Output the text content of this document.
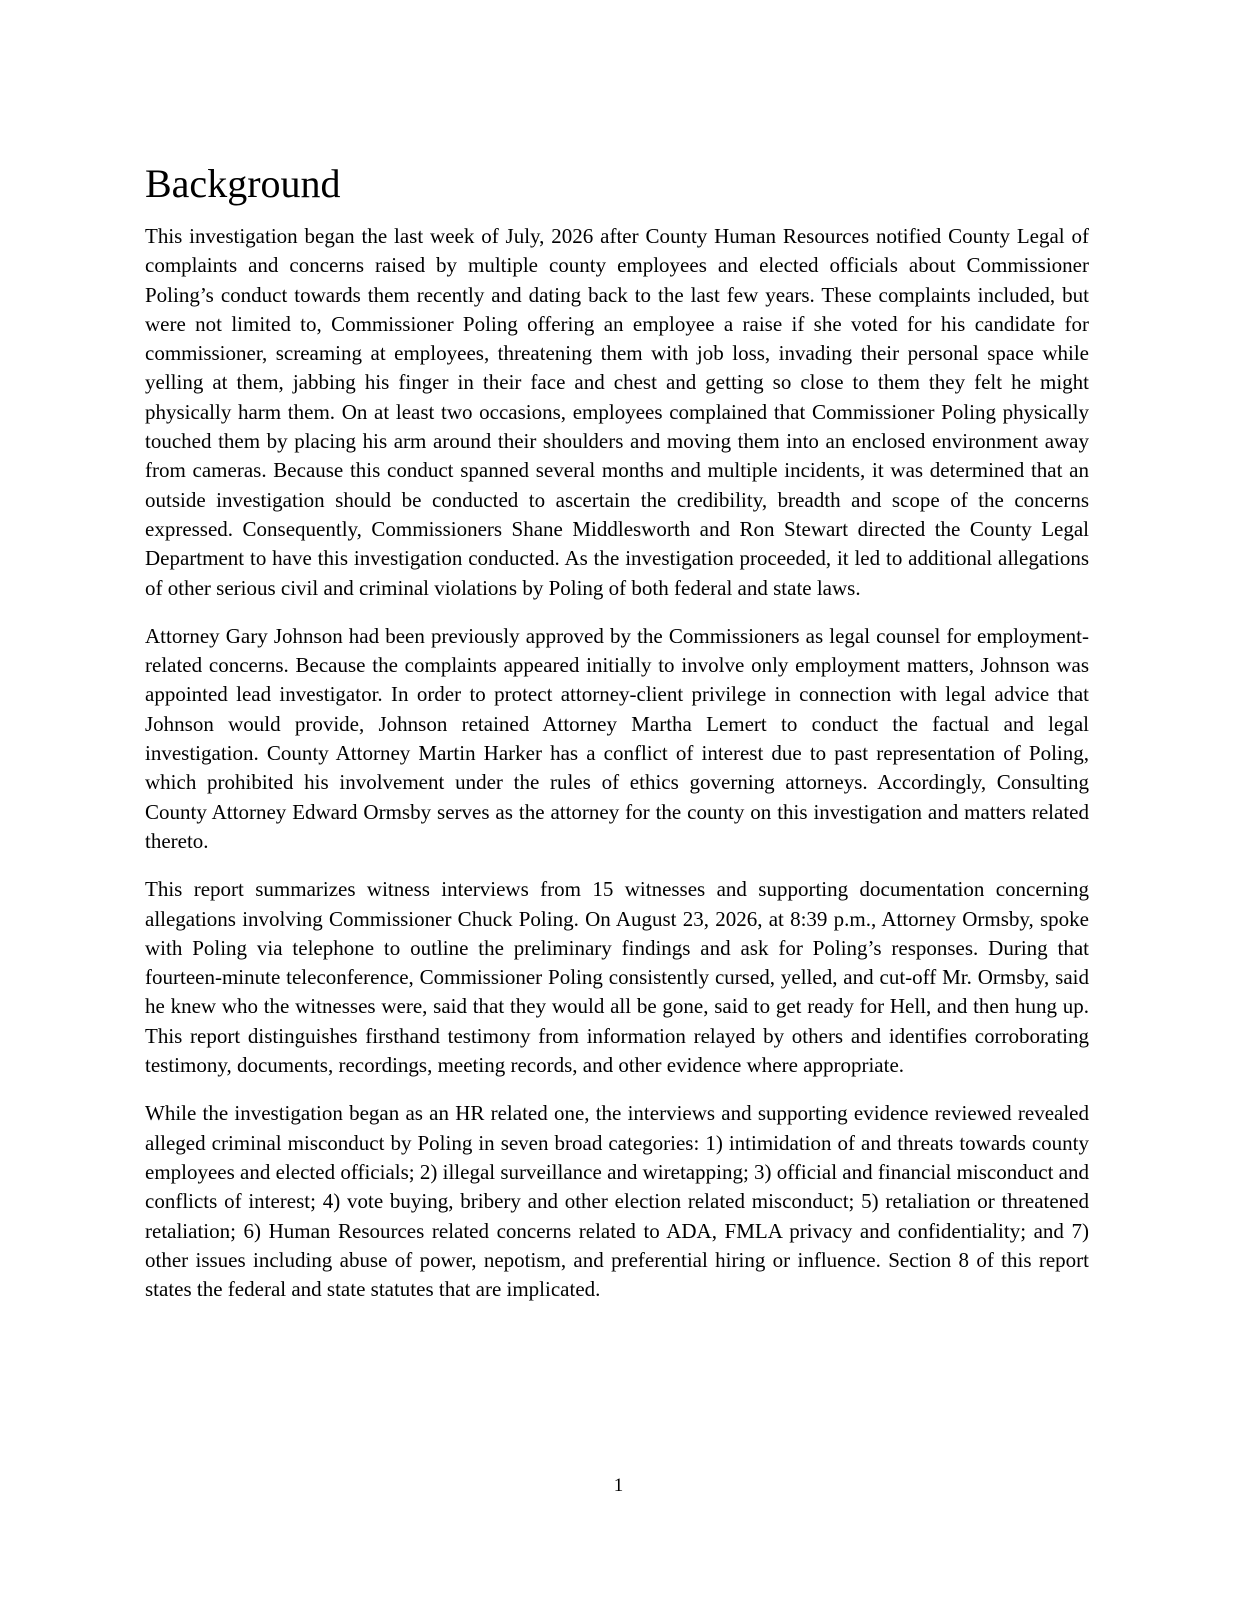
Background

This investigation began the last week of July, 2026 after County Human Resources notified County Legal of complaints and concerns raised by multiple county employees and elected officials about Commissioner Poling’s conduct towards them recently and dating back to the last few years. These complaints included, but were not limited to, Commissioner Poling offering an employee a raise if she voted for his candidate for commissioner, screaming at employees, threatening them with job loss, invading their personal space while yelling at them, jabbing his finger in their face and chest and getting so close to them they felt he might physically harm them. On at least two occasions, employees complained that Commissioner Poling physically touched them by placing his arm around their shoulders and moving them into an enclosed environment away from cameras. Because this conduct spanned several months and multiple incidents, it was determined that an outside investigation should be conducted to ascertain the credibility, breadth and scope of the concerns expressed. Consequently, Commissioners Shane Middlesworth and Ron Stewart directed the County Legal Department to have this investigation conducted. As the investigation proceeded, it led to additional allegations of other serious civil and criminal violations by Poling of both federal and state laws.

Attorney Gary Johnson had been previously approved by the Commissioners as legal counsel for employment-related concerns. Because the complaints appeared initially to involve only employment matters, Johnson was appointed lead investigator. In order to protect attorney-client privilege in connection with legal advice that Johnson would provide, Johnson retained Attorney Martha Lemert to conduct the factual and legal investigation. County Attorney Martin Harker has a conflict of interest due to past representation of Poling, which prohibited his involvement under the rules of ethics governing attorneys. Accordingly, Consulting County Attorney Edward Ormsby serves as the attorney for the county on this investigation and matters related thereto.

This report summarizes witness interviews from 15 witnesses and supporting documentation concerning allegations involving Commissioner Chuck Poling. On August 23, 2026, at 8:39 p.m., Attorney Ormsby, spoke with Poling via telephone to outline the preliminary findings and ask for Poling’s responses. During that fourteen-minute teleconference, Commissioner Poling consistently cursed, yelled, and cut-off Mr. Ormsby, said he knew who the witnesses were, said that they would all be gone, said to get ready for Hell, and then hung up. This report distinguishes firsthand testimony from information relayed by others and identifies corroborating testimony, documents, recordings, meeting records, and other evidence where appropriate.

While the investigation began as an HR related one, the interviews and supporting evidence reviewed revealed alleged criminal misconduct by Poling in seven broad categories: 1) intimidation of and threats towards county employees and elected officials; 2) illegal surveillance and wiretapping; 3) official and financial misconduct and conflicts of interest; 4) vote buying, bribery and other election related misconduct; 5) retaliation or threatened retaliation; 6) Human Resources related concerns related to ADA, FMLA privacy and confidentiality; and 7) other issues including abuse of power, nepotism, and preferential hiring or influence. Section 8 of this report states the federal and state statutes that are implicated.

1
